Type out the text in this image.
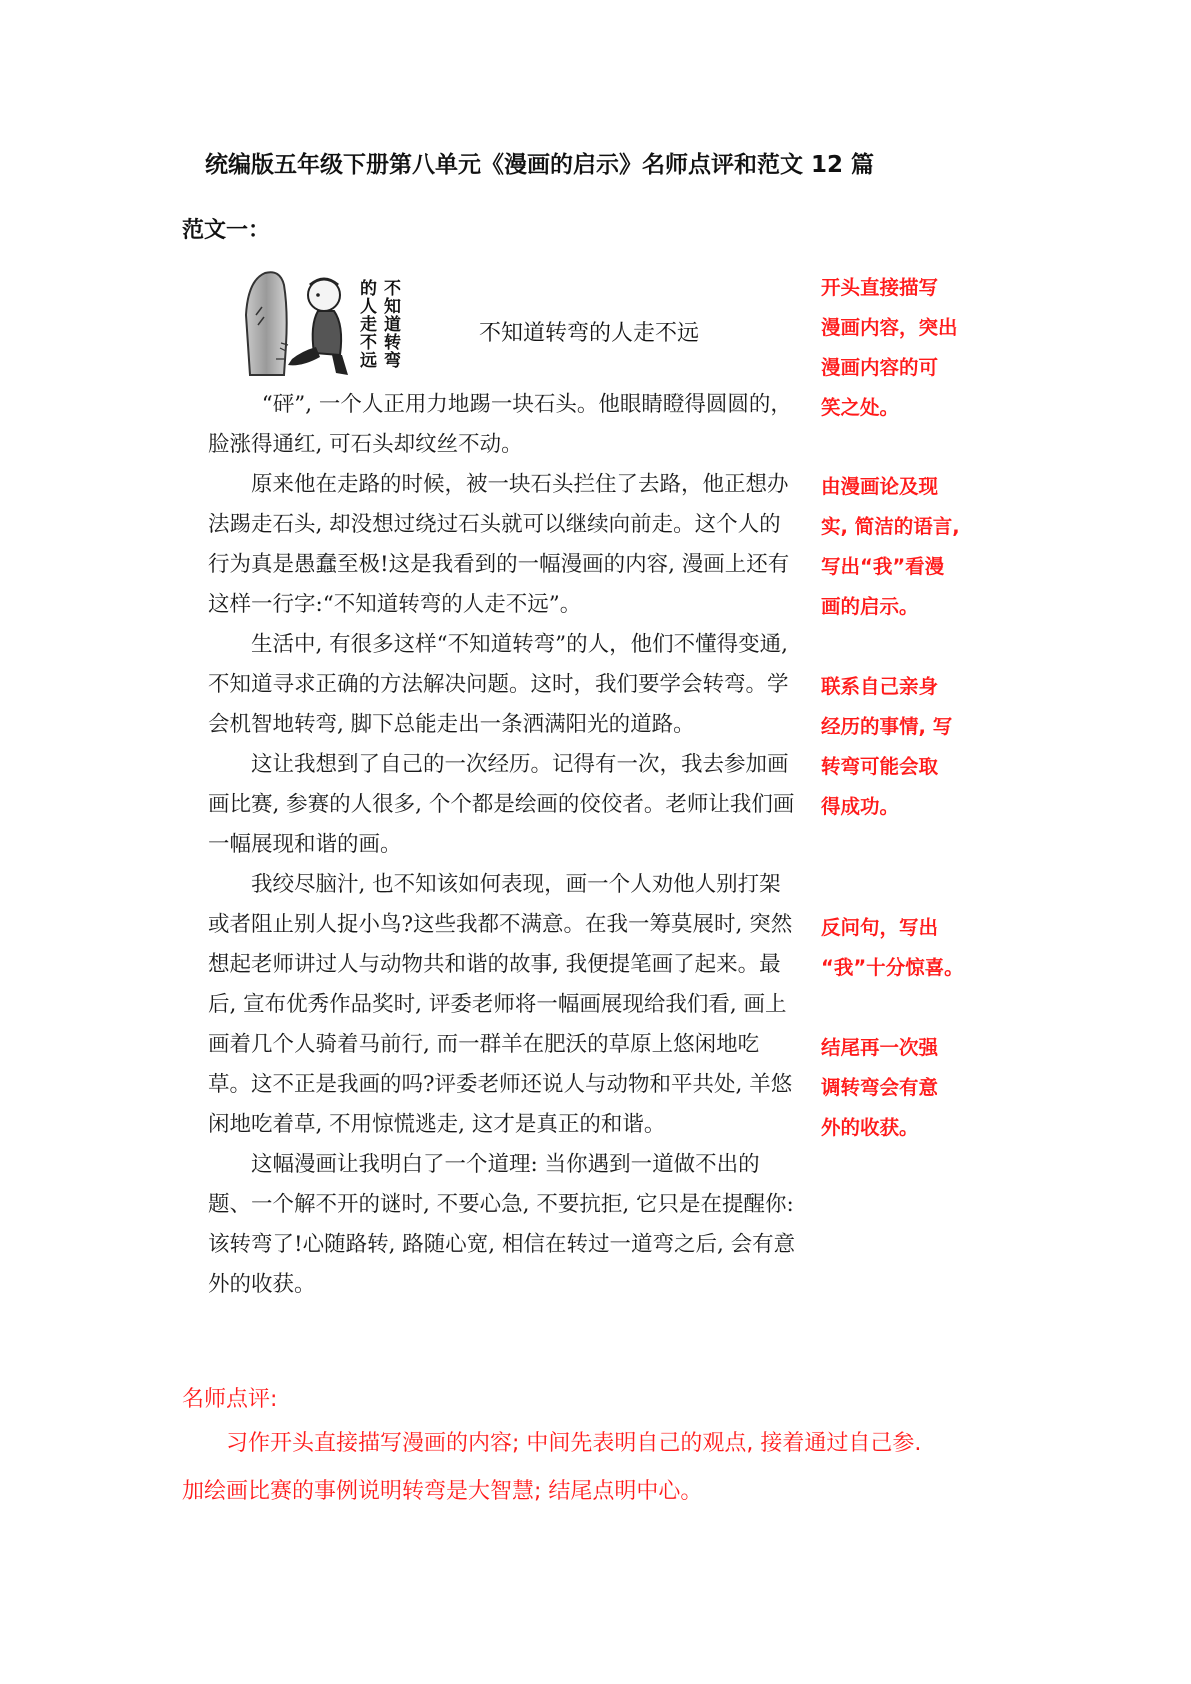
统编版五年级下册第八单元《漫画的启示》名师点评和范文 12 篇
范文一：
不知道转弯
的人走不远	不知道转弯的人走不远

“砰”, 一个人正用力地踢一块石头。他眼睛瞪得圆圆的，脸涨得通红, 可石头却纹丝不动。

原来他在走路的时候，被一块石头拦住了去路，他正想办法踢走石头, 却没想过绕过石头就可以继续向前走。这个人的行为真是愚蠢至极!这是我看到的一幅漫画的内容, 漫画上还有这样一行字:“不知道转弯的人走不远”。

生活中, 有很多这样“不知道转弯”的人，他们不懂得变通, 不知道寻求正确的方法解决问题。这时，我们要学会转弯。学会机智地转弯, 脚下总能走出一条洒满阳光的道路。

这让我想到了自己的一次经历。记得有一次，我去参加画画比赛, 参赛的人很多, 个个都是绘画的佼佼者。老师让我们画一幅展现和谐的画。

我绞尽脑汁, 也不知该如何表现，画一个人劝他人别打架或者阻止别人捉小鸟?这些我都不满意。在我一筹莫展时, 突然想起老师讲过人与动物共和谐的故事, 我便提笔画了起来。最后, 宣布优秀作品奖时, 评委老师将一幅画展现给我们看, 画上画着几个人骑着马前行, 而一群羊在肥沃的草原上悠闲地吃草。这不正是我画的吗?评委老师还说人与动物和平共处, 羊悠闲地吃着草, 不用惊慌逃走, 这才是真正的和谐。

这幅漫画让我明白了一个道理: 当你遇到一道做不出的题、一个解不开的谜时, 不要心急, 不要抗拒, 它只是在提醒你: 该转弯了!心随路转, 路随心宽, 相信在转过一道弯之后, 会有意外的收获。

开头直接描写
漫画内容，突出
漫画内容的可
笑之处。
由漫画论及现
实, 简洁的语言,
写出“我”看漫
画的启示。
联系自己亲身
经历的事情, 写
转弯可能会取
得成功。
反问句，写出
“我”十分惊喜。
结尾再一次强
调转弯会有意
外的收获。
名师点评:

习作开头直接描写漫画的内容; 中间先表明自己的观点, 接着通过自己参.

加绘画比赛的事例说明转弯是大智慧; 结尾点明中心。
